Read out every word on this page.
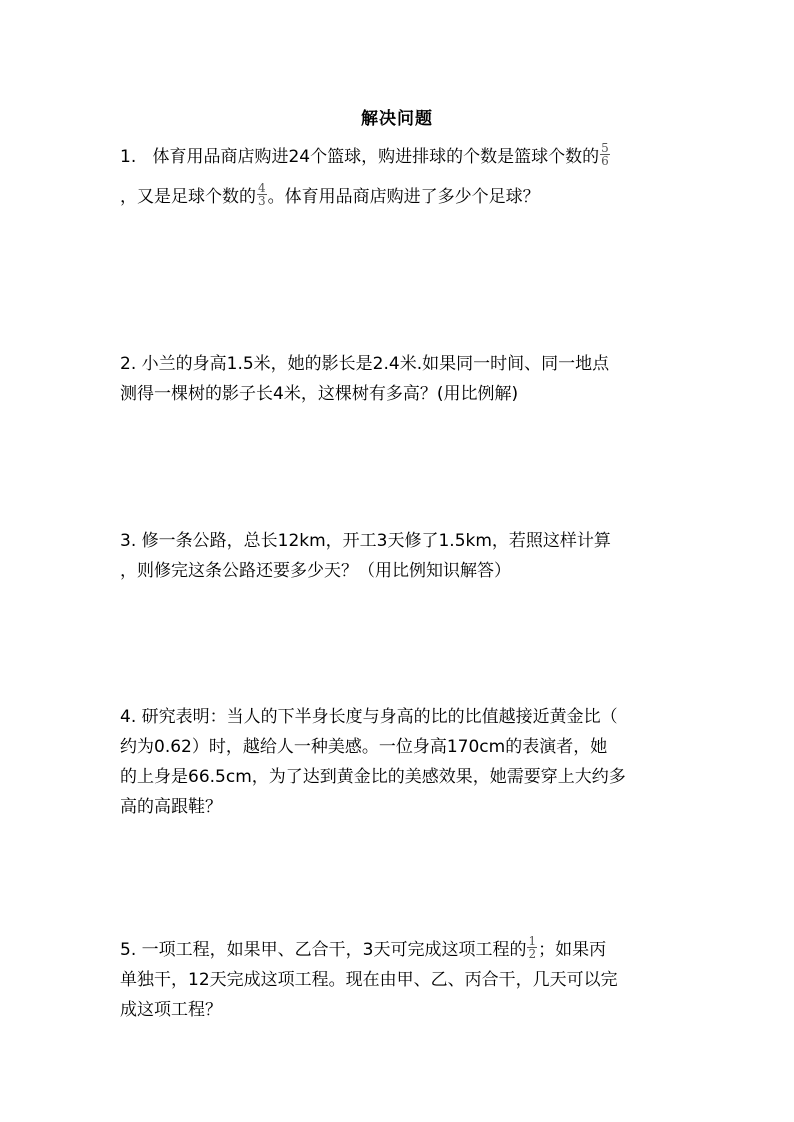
解决问题
1. 体育用品商店购进24个篮球，购进排球的个数是篮球个数的 $\frac{5}{6}$
，又是足球个数的 $\frac{4}{3}$ 。体育用品商店购进了多少个足球？
2. 小兰的身高1.5米，她的影长是2.4米.如果同一时间、同一地点
测得一棵树的影子长4米，这棵树有多高？(用比例解)
3. 修一条公路，总长12km，开工3天修了1.5km，若照这样计算
，则修完这条公路还要多少天？（用比例知识解答）
4. 研究表明：当人的下半身长度与身高的比的比值越接近黄金比（
约为0.62）时，越给人一种美感。一位身高170cm的表演者，她
的上身是66.5cm，为了达到黄金比的美感效果，她需要穿上大约多
高的高跟鞋？
5. 一项工程，如果甲、乙合干，3天可完成这项工程的 $\frac{1}{2}$ ；如果丙
单独干，12天完成这项工程。现在由甲、乙、丙合干，几天可以完
成这项工程？
